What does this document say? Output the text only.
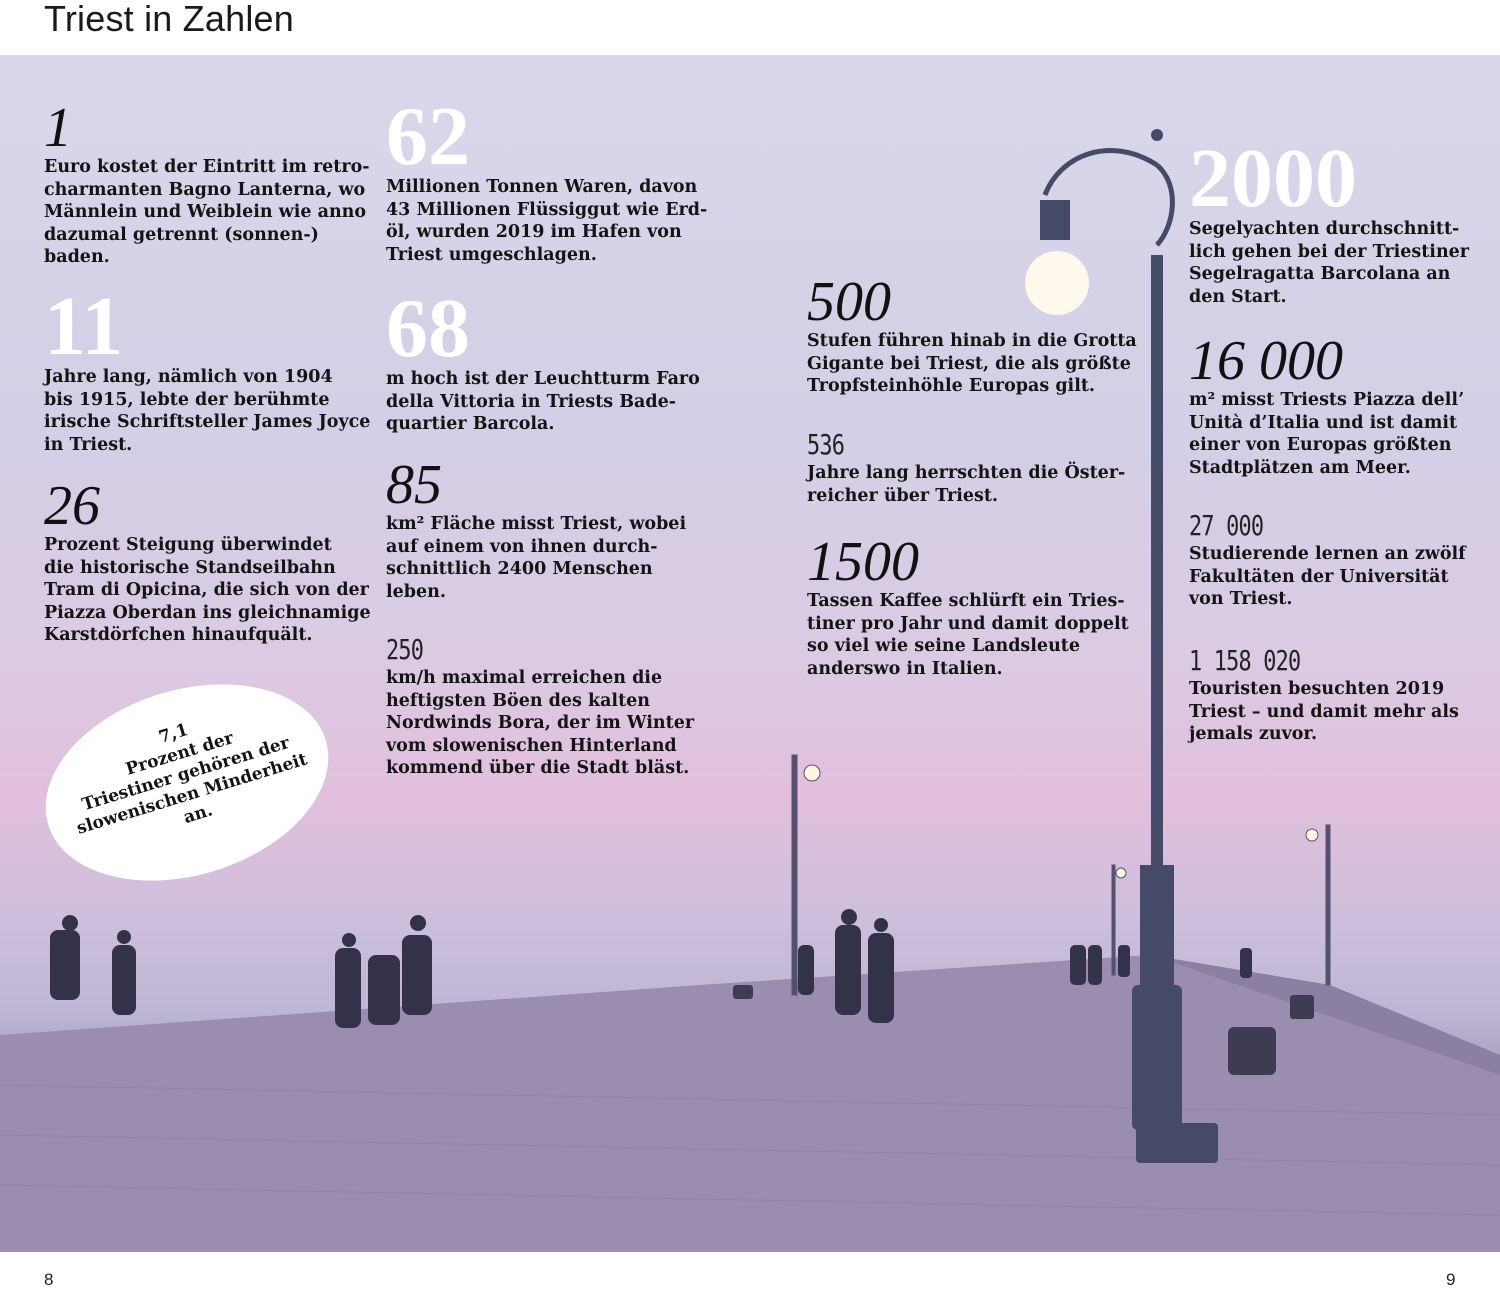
Triest in Zahlen
1
Euro kostet der Eintritt im retro-
charmanten Bagno Lanterna, wo
Männlein und Weiblein wie anno
dazumal getrennt (sonnen-)
baden.
11
Jahre lang, nämlich von 1904
bis 1915, lebte der berühmte
irische Schriftsteller James Joyce
in Triest.
26
Prozent Steigung überwindet
die historische Standseilbahn
Tram di Opicina, die sich von der
Piazza Oberdan ins gleichnamige
Karstdörfchen hinaufquält.
62
Millionen Tonnen Waren, davon
43 Millionen Flüssiggut wie Erd-
öl, wurden 2019 im Hafen von
Triest umgeschlagen.
68
m hoch ist der Leuchtturm Faro
della Vittoria in Triests Bade-
quartier Barcola.
85
km² Fläche misst Triest, wobei
auf einem von ihnen durch-
schnittlich 2400 Menschen
leben.
250
km/h maximal erreichen die
heftigsten Böen des kalten
Nordwinds Bora, der im Winter
vom slowenischen Hinterland
kommend über die Stadt bläst.
500
Stufen führen hinab in die Grotta
Gigante bei Triest, die als größte
Tropfsteinhöhle Europas gilt.
536
Jahre lang herrschten die Öster-
reicher über Triest.
1500
Tassen Kaffee schlürft ein Tries-
tiner pro Jahr und damit doppelt
so viel wie seine Landsleute
anderswo in Italien.
2000
Segelyachten durchschnitt-
lich gehen bei der Triestiner
Segelragatta Barcolana an
den Start.
16 000
m² misst Triests Piazza dell’
Unità d’Italia und ist damit
einer von Europas größten
Stadtplätzen am Meer.
27 000
Studierende lernen an zwölf
Fakultäten der Universität
von Triest.
1 158 020
Touristen besuchten 2019
Triest – und damit mehr als
jemals zuvor.
7,1
Prozent der
Triestiner gehören der
slowenischen Minderheit
an.
8	9
